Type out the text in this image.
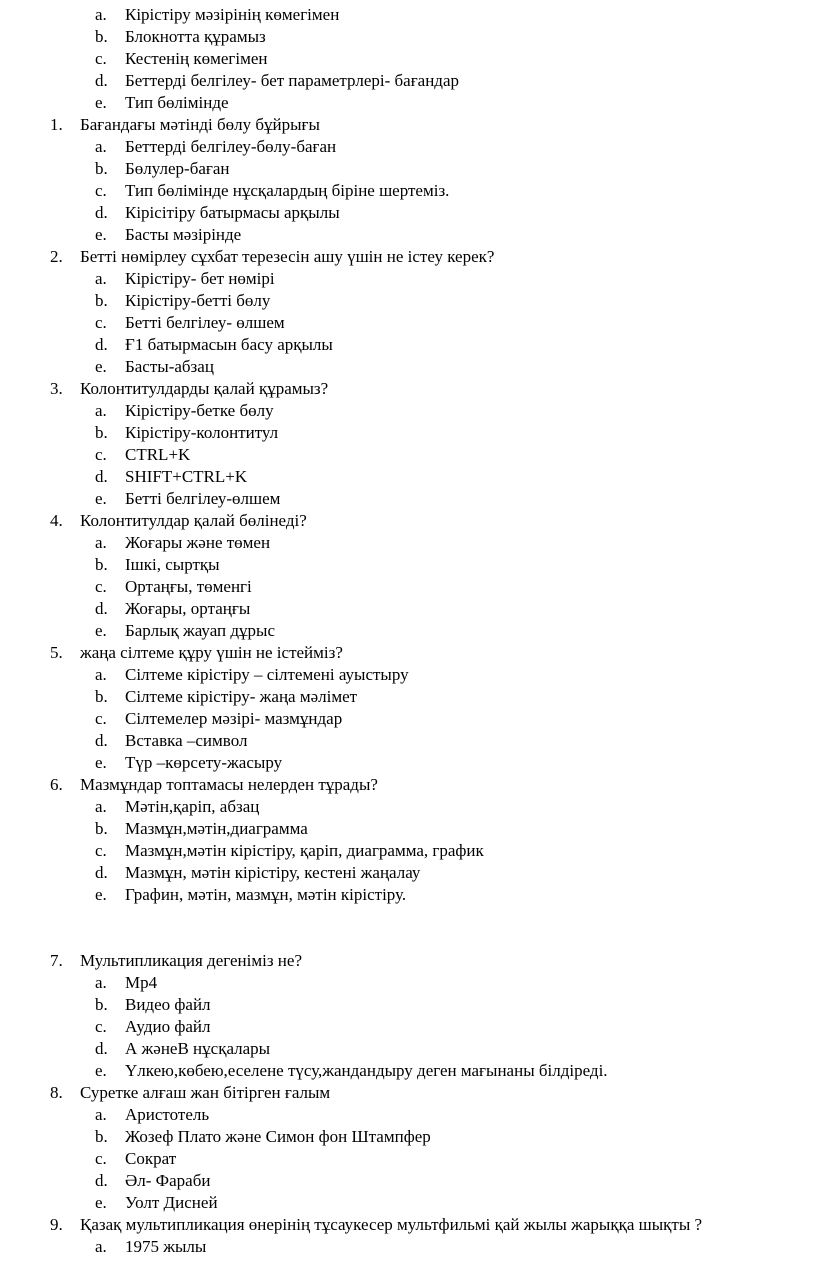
a.	Кірістіру мәзірінің көмегімен
b.	Блокнотта құрамыз
c.	Кестенің көмегімен
d.	Беттерді белгілеу- бет параметрлері- бағандар
e.	Тип бөлімінде
1.	Бағандағы мәтінді бөлу бұйрығы
a.	Беттерді белгілеу-бөлу-баған
b.	Бөлулер-баған
c.	Тип бөлімінде нұсқалардың біріне шертеміз.
d.	Кірісітіру батырмасы арқылы
e.	Басты мәзірінде
2.	Бетті нөмірлеу сұхбат терезесін ашу үшін не істеу керек?
a.	Кірістіру- бет нөмірі
b.	Кірістіру-бетті бөлу
c.	Бетті белгілеу- өлшем
d.	Ғ1 батырмасын басу арқылы
e.	Басты-абзац
3.	Колонтитулдарды қалай құрамыз?
a.	Кірістіру-бетке бөлу
b.	Кірістіру-колонтитул
c.	CTRL+K
d.	SHIFT+CTRL+K
e.	Бетті белгілеу-өлшем
4.	Колонтитулдар қалай бөлінеді?
a.	Жоғары және төмен
b.	Ішкі, сыртқы
c.	Ортаңғы, төменгі
d.	Жоғары, ортаңғы
e.	Барлық жауап дұрыс
5.	жаңа сілтеме құру үшін не істейміз?
a.	Сілтеме кірістіру – сілтемені ауыстыру
b.	Сілтеме кірістіру- жаңа мәлімет
c.	Сілтемелер мәзірі- мазмұндар
d.	Вставка –символ
e.	Түр –көрсету-жасыру
6.	Мазмұндар топтамасы нелерден тұрады?
a.	Мәтін,қаріп, абзац
b.	Мазмұн,мәтін,диаграмма
c.	Мазмұн,мәтін кірістіру, қаріп, диаграмма, график
d.	Мазмұн, мәтін кірістіру, кестені жаңалау
e.	Графин, мәтін, мазмұн, мәтін кірістіру.
7.	Мультипликация дегеніміз не?
a.	Мр4
b.	Видео файл
c.	Аудио файл
d.	А жәнеВ нұсқалары
e.	Үлкею,көбею,еселене түсу,жандандыру деген мағынаны білдіреді.
8.	Суретке алғаш жан бітірген ғалым
a.	Аристотель
b.	Жозеф Плато және Симон фон Штампфер
c.	Сократ
d.	Әл- Фараби
e.	Уолт Дисней
9.	Қазақ мультипликация өнерінің тұсаукесер мультфильмі қай жылы жарыққа шықты ?
a.	1975 жылы
